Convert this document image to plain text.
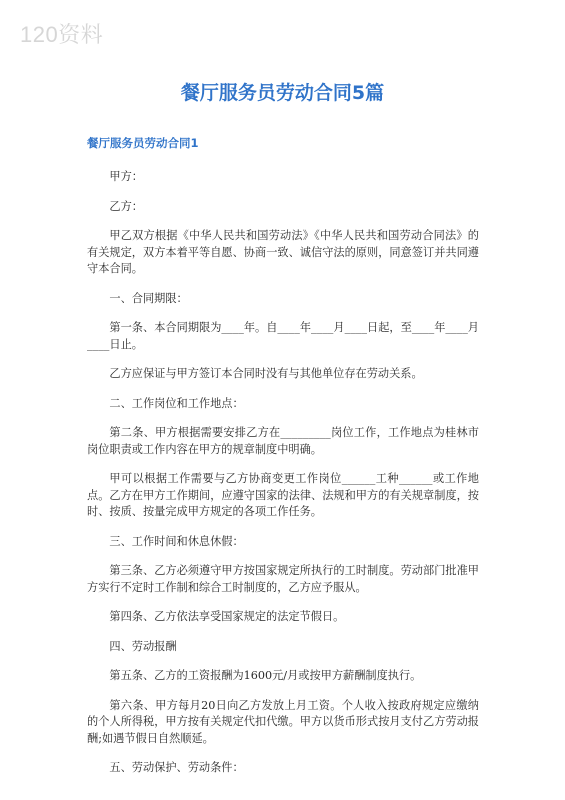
120资料
餐厅服务员劳动合同5篇
餐厅服务员劳动合同1

甲方：

乙方：

甲乙双方根据《中华人民共和国劳动法》《中华人民共和国劳动合同法》的有关规定，双方本着平等自愿、协商一致、诚信守法的原则，同意签订并共同遵守本合同。

一、合同期限：

第一条、本合同期限为____年。自____年____月____日起，至____年____月____日止。

乙方应保证与甲方签订本合同时没有与其他单位存在劳动关系。

二、工作岗位和工作地点：

第二条、甲方根据需要安排乙方在_________岗位工作，工作地点为桂林市岗位职责或工作内容在甲方的规章制度中明确。

甲可以根据工作需要与乙方协商变更工作岗位______工种______或工作地点。乙方在甲方工作期间，应遵守国家的法律、法规和甲方的有关规章制度，按时、按质、按量完成甲方规定的各项工作任务。

三、工作时间和休息休假：

第三条、乙方必须遵守甲方按国家规定所执行的工时制度。劳动部门批准甲方实行不定时工作制和综合工时制度的，乙方应予服从。

第四条、乙方依法享受国家规定的法定节假日。

四、劳动报酬

第五条、乙方的工资报酬为1600元/月或按甲方薪酬制度执行。

第六条、甲方每月20日向乙方发放上月工资。个人收入按政府规定应缴纳的个人所得税，甲方按有关规定代扣代缴。甲方以货币形式按月支付乙方劳动报酬;如遇节假日自然顺延。

五、劳动保护、劳动条件：
